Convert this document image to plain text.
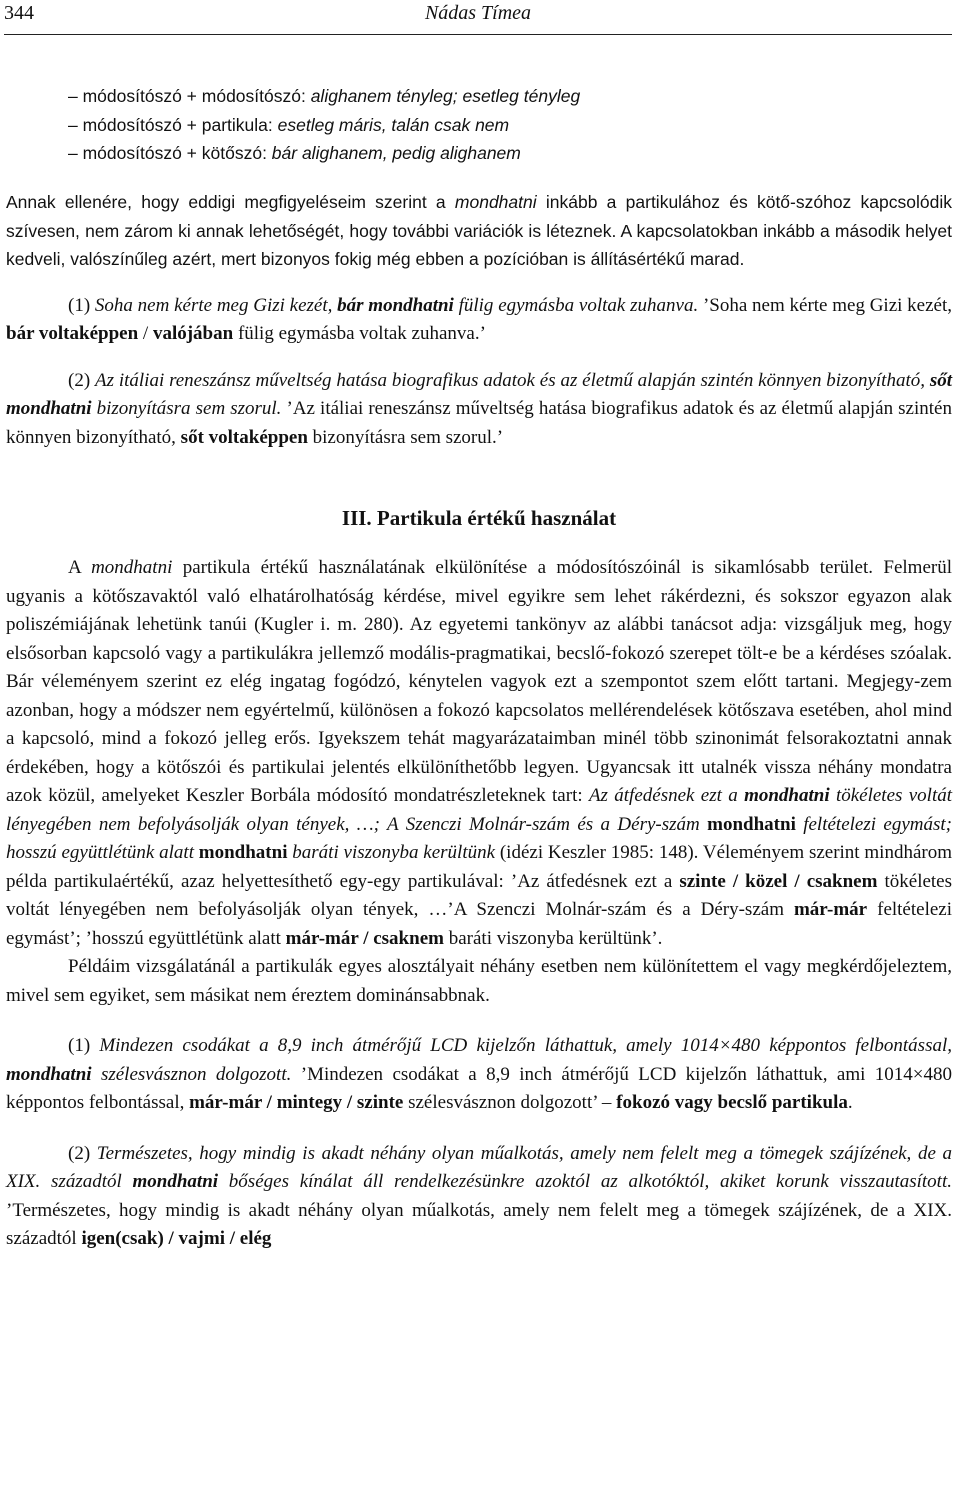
344	Nádas Tímea

– módosítószó + módosítószó: alighanem tényleg; esetleg tényleg

– módosítószó + partikula: esetleg máris, talán csak nem

– módosítószó + kötőszó: bár alighanem, pedig alighanem

Annak ellenére, hogy eddigi megfigyeléseim szerint a mondhatni inkább a partikulához és kötő-szóhoz kapcsolódik szívesen, nem zárom ki annak lehetőségét, hogy további variációk is léteznek. A kapcsolatokban inkább a második helyet kedveli, valószínűleg azért, mert bizonyos fokig még ebben a pozícióban is állításértékű marad.

(1) Soha nem kérte meg Gizi kezét, bár mondhatni fülig egymásba voltak zuhanva. ’Soha nem kérte meg Gizi kezét, bár voltaképpen / valójában fülig egymásba voltak zuhanva.’

(2) Az itáliai reneszánsz műveltség hatása biografikus adatok és az életmű alapján szintén könnyen bizonyítható, sőt mondhatni bizonyításra sem szorul. ’Az itáliai reneszánsz műveltség hatása biografikus adatok és az életmű alapján szintén könnyen bizonyítható, sőt voltaképpen bizonyításra sem szorul.’

III. Partikula értékű használat

A mondhatni partikula értékű használatának elkülönítése a módosítószóinál is sikamlósabb terület. Felmerül ugyanis a kötőszavaktól való elhatárolhatóság kérdése, mivel egyikre sem lehet rákérdezni, és sokszor egyazon alak poliszémiájának lehetünk tanúi (Kugler i. m. 280). Az egyetemi tankönyv az alábbi tanácsot adja: vizsgáljuk meg, hogy elsősorban kapcsoló vagy a partikulákra jellemző modális-pragmatikai, becslő-fokozó szerepet tölt-e be a kérdéses szóalak. Bár véleményem szerint ez elég ingatag fogódzó, kénytelen vagyok ezt a szempontot szem előtt tartani. Megjegy-zem azonban, hogy a módszer nem egyértelmű, különösen a fokozó kapcsolatos mellérendelések kötőszava esetében, ahol mind a kapcsoló, mind a fokozó jelleg erős. Igyekszem tehát magyarázataimban minél több szinonimát felsorakoztatni annak érdekében, hogy a kötőszói és partikulai jelentés elkülöníthetőbb legyen. Ugyancsak itt utalnék vissza néhány mondatra azok közül, amelyeket Keszler Borbála módosító mondatrészleteknek tart: Az átfedésnek ezt a mondhatni tökéletes voltát lényegében nem befolyásolják olyan tények, …; A Szenczi Molnár-szám és a Déry-szám mondhatni feltételezi egymást; hosszú együttlétünk alatt mondhatni baráti viszonyba kerültünk (idézi Keszler 1985: 148). Véleményem szerint mindhárom példa partikulaértékű, azaz helyettesíthető egy-egy partikulával: ’Az átfedésnek ezt a szinte / közel / csaknem tökéletes voltát lényegében nem befolyásolják olyan tények, …’A Szenczi Molnár-szám és a Déry-szám már-már feltételezi egymást’; ’hosszú együttlétünk alatt már-már / csaknem baráti viszonyba kerültünk’.

Példáim vizsgálatánál a partikulák egyes alosztályait néhány esetben nem különítettem el vagy megkérdőjeleztem, mivel sem egyiket, sem másikat nem éreztem dominánsabbnak.

(1) Mindezen csodákat a 8,9 inch átmérőjű LCD kijelzőn láthattuk, amely 1014×480 képpontos felbontással, mondhatni szélesvásznon dolgozott. ’Mindezen csodákat a 8,9 inch átmérőjű LCD kijelzőn láthattuk, ami 1014×480 képpontos felbontással, már-már / mintegy / szinte szélesvásznon dolgozott’ – fokozó vagy becslő partikula.

(2) Természetes, hogy mindig is akadt néhány olyan műalkotás, amely nem felelt meg a tömegek szájízének, de a XIX. századtól mondhatni bőséges kínálat áll rendelkezésünkre azoktól az alkotóktól, akiket korunk visszautasított. ’Természetes, hogy mindig is akadt néhány olyan műalkotás, amely nem felelt meg a tömegek szájízének, de a XIX. századtól igen(csak) / vajmi / elég
